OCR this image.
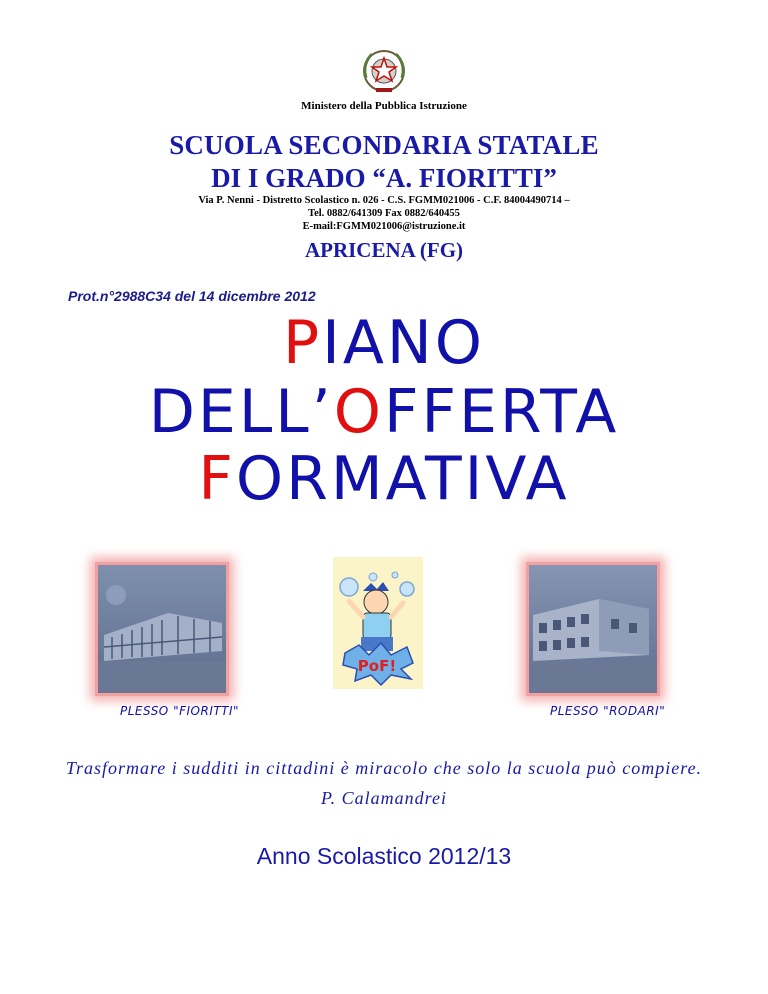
Ministero della Pubblica Istruzione
SCUOLA SECONDARIA STATALE
DI I GRADO “A. FIORITTI”
Via P. Nenni - Distretto Scolastico n. 026 - C.S. FGMM021006 - C.F. 84004490714 –
Tel. 0882/641309 Fax 0882/640455
E-mail:FGMM021006@istruzione.it
APRICENA (FG)
Prot.n°2988C34 del 14 dicembre 2012
PIANO
DELL’OFFERTA
FORMATIVA
PoF!
PLESSO "FIORITTI"	PLESSO "RODARI"
Trasformare i sudditi in cittadini è miracolo che solo la scuola può compiere.
P. Calamandrei
Anno Scolastico 2012/13
